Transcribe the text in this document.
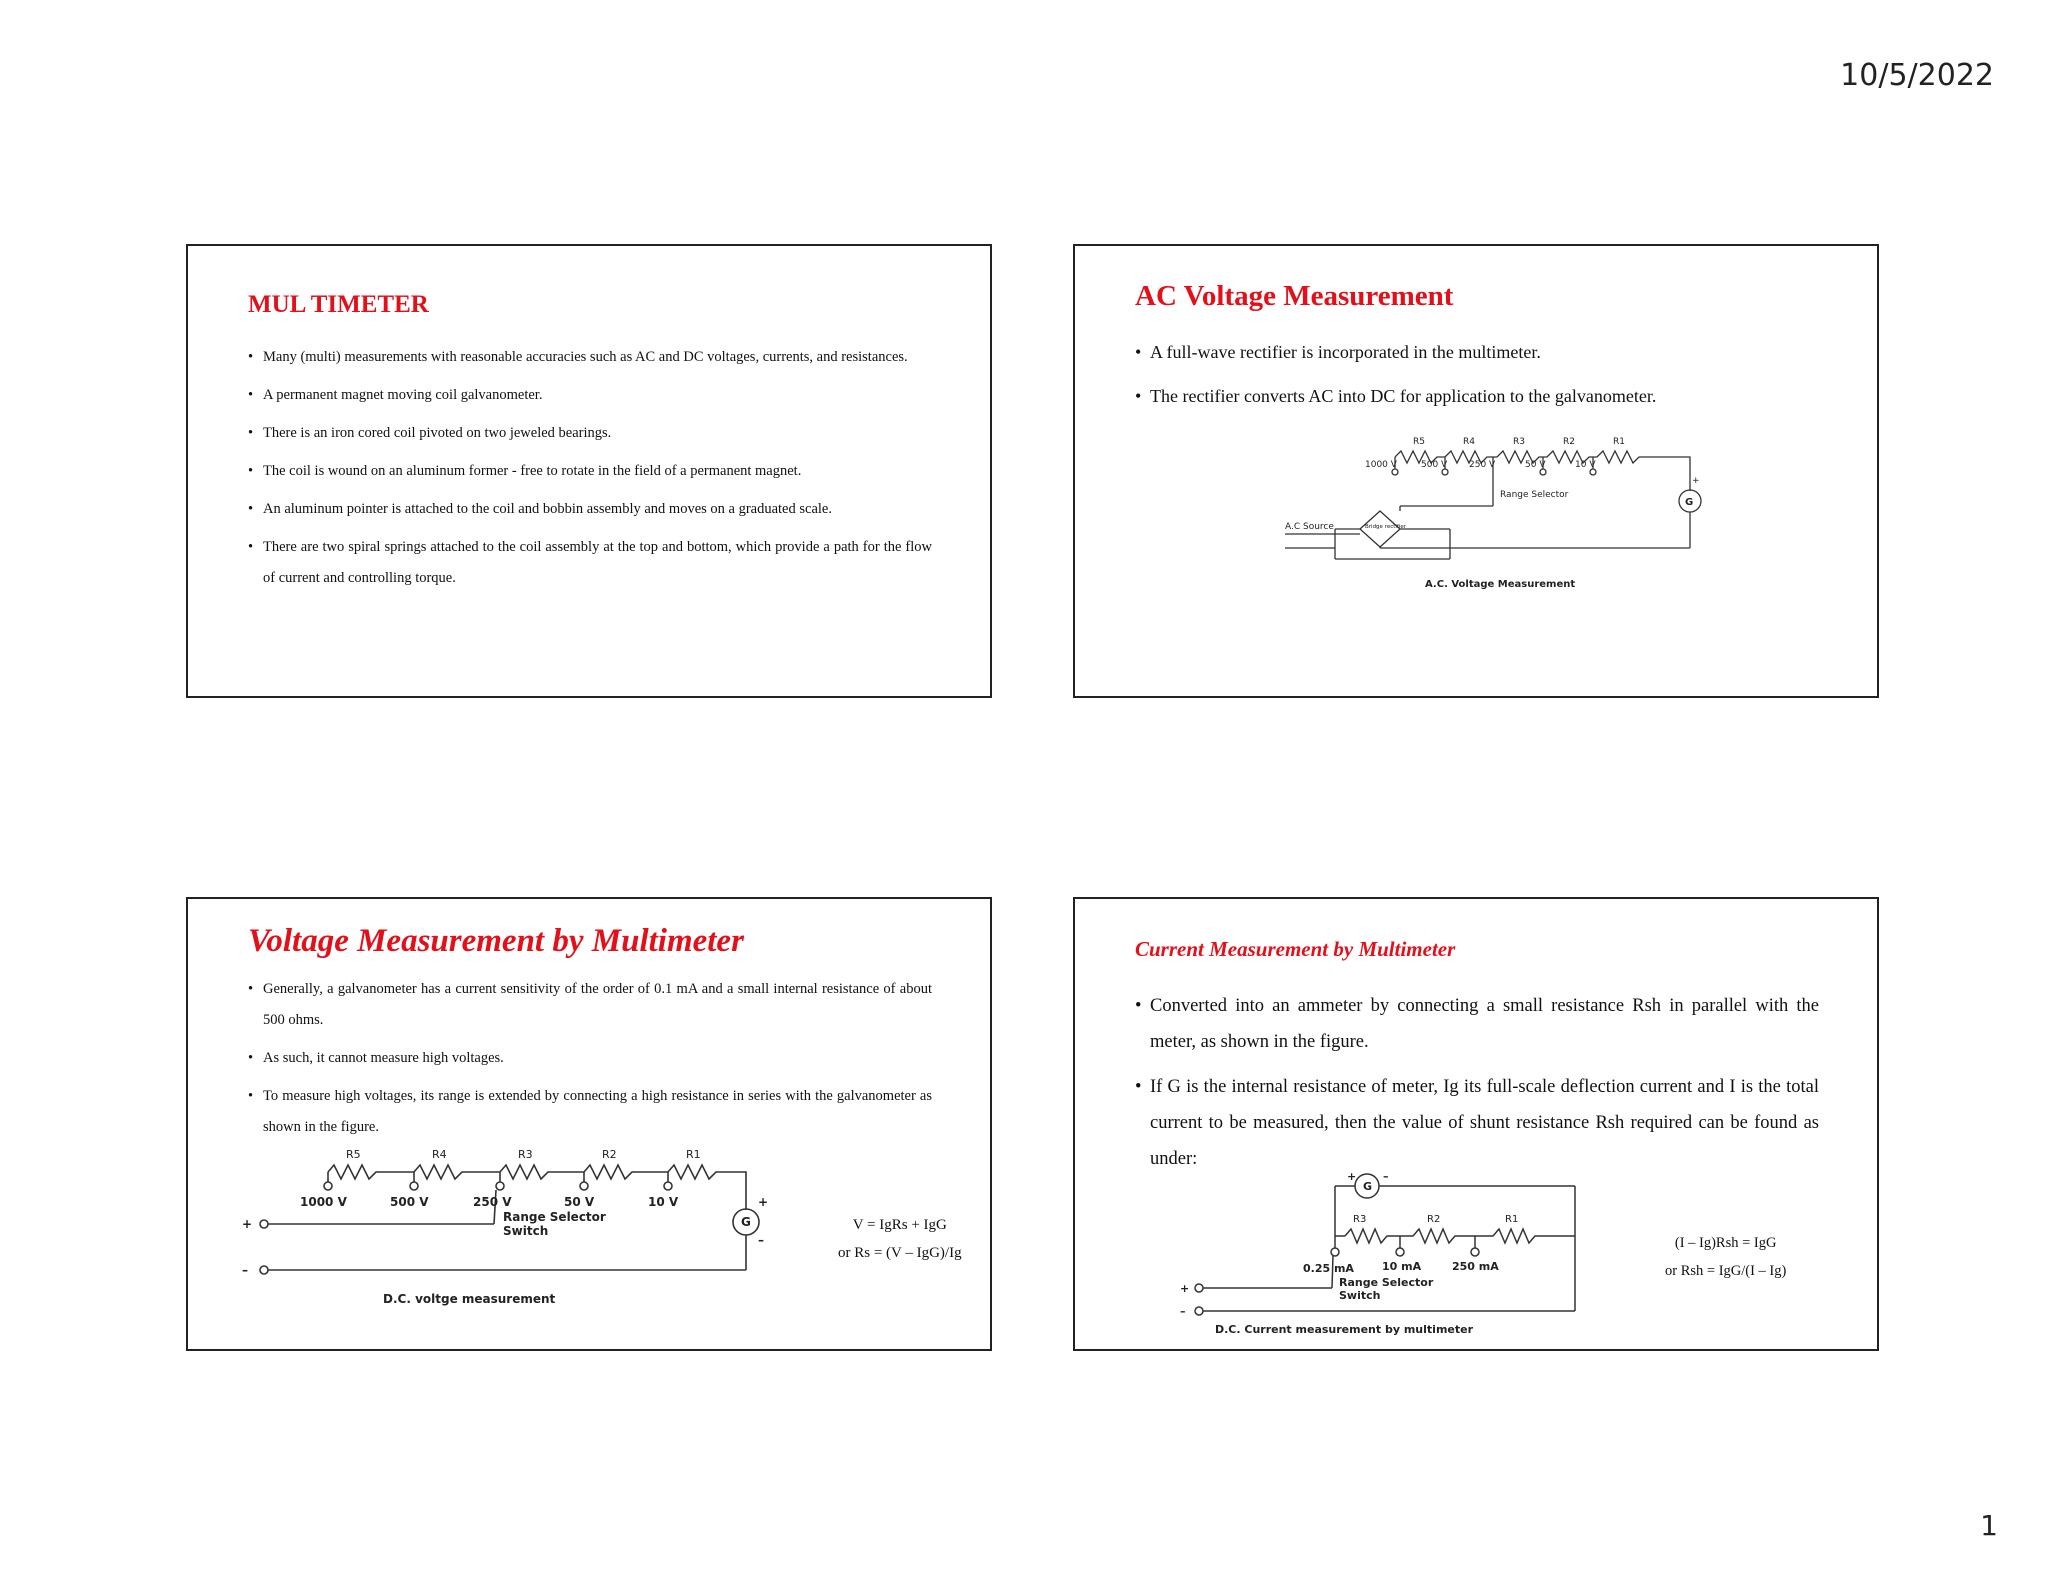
10/5/2022
MUL TIMETER
• Many (multi) measurements with reasonable accuracies such as AC and DC voltages, currents, and resistances.
• A permanent magnet moving coil galvanometer.
• There is an iron cored coil pivoted on two jeweled bearings.
• The coil is wound on an aluminum former - free to rotate in the field of a permanent magnet.
• An aluminum pointer is attached to the coil and bobbin assembly and moves on a graduated scale.
• There are two spiral springs attached to the coil assembly at the top and bottom, which provide a path for the flow of current and controlling torque.
AC Voltage Measurement
• A full-wave rectifier is incorporated in the multimeter.
• The rectifier converts AC into DC for application to the galvanometer.
R5	R4	R3	R2	R1
1000 V	500 V 250 V	50 V	10 V
Range Selector
A.C Source
+
Bridge rectifier
G
A.C. Voltage Measurement
Voltage Measurement by Multimeter
• Generally, a galvanometer has a current sensitivity of the order of 0.1 mA and a small internal resistance of about 500 ohms.
• As such, it cannot measure high voltages.
• To measure high voltages, its range is extended by connecting a high resistance in series with the galvanometer as shown in the figure.
R5	R4	R3	R2	R1
1000 V	500 V	250 V	50 V	10 V
Range Selector
Switch
G
+
–
+
–
D.C. voltge measurement
V = IgRs + IgG
or Rs = (V – IgG)/Ig
Current Measurement by Multimeter
• Converted into an ammeter by connecting a small resistance Rsh in parallel with the meter, as shown in the figure.
• If G is the internal resistance of meter, Ig its full-scale deflection current and I is the total current to be measured, then the value of shunt resistance Rsh required can be found as under:
R3	R2	R1
G
+ –
0.25 mA	10 mA	250 mA
Range Selector
Switch
+
–
D.C. Current measurement by multimeter
(I – Ig)Rsh = IgG
or Rsh = IgG/(I – Ig)
1
